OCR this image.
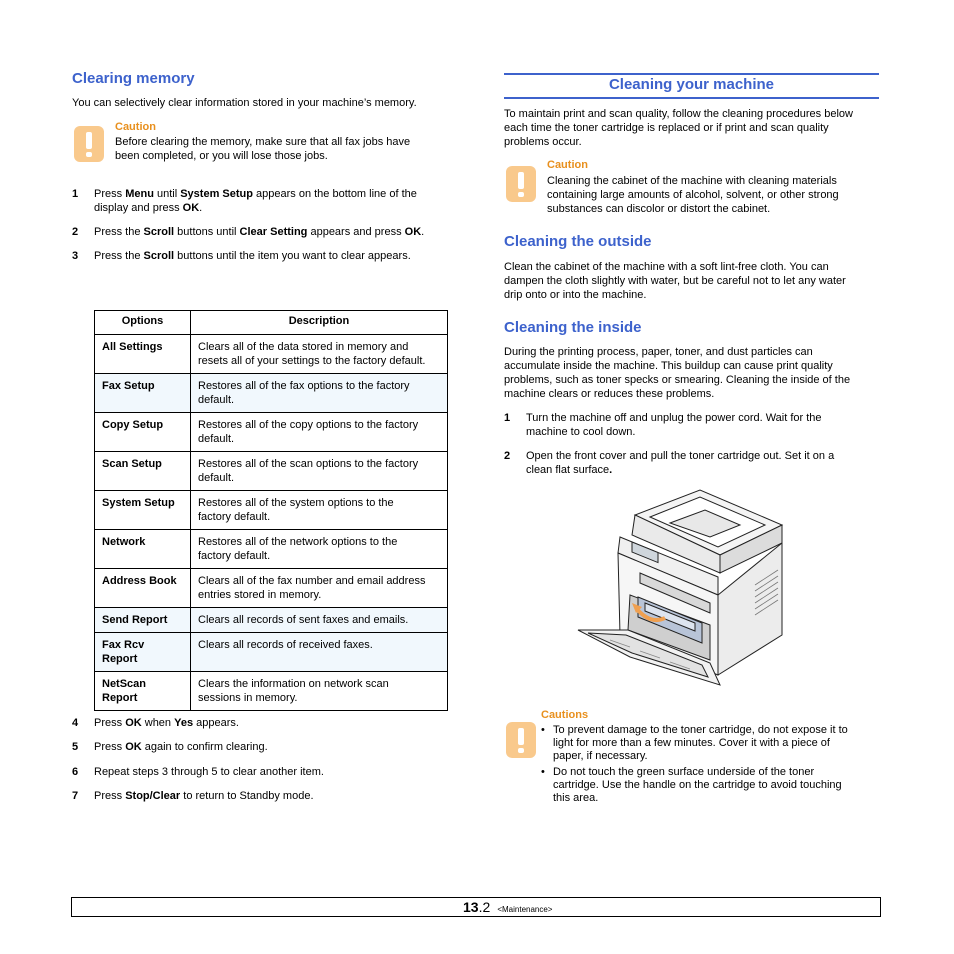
Clearing memory

You can selectively clear information stored in your machine’s memory.

Caution

Before clearing the memory, make sure that all fax jobs have

been completed, or you will lose those jobs.

1 Press Menu until System Setup appears on the bottom line of the
display and press OK.
2 Press the Scroll buttons until Clear Setting appears and press OK.
3 Press the Scroll buttons until the item you want to clear appears.
Options	Description
All Settings	Clears all of the data stored in memory and
resets all of your settings to the factory default.
Fax Setup	Restores all of the fax options to the factory
default.
Copy Setup	Restores all of the copy options to the factory
default.
Scan Setup	Restores all of the scan options to the factory
default.
System Setup	Restores all of the system options to the
factory default.
Network	Restores all of the network options to the
factory default.
Address Book	Clears all of the fax number and email address
entries stored in memory.
Send Report	Clears all records of sent faxes and emails.
Fax Rcv
Report	Clears all records of received faxes.
NetScan
Report	Clears the information on network scan
sessions in memory.
4 Press OK when Yes appears.
5 Press OK again to confirm clearing.
6 Repeat steps 3 through 5 to clear another item.
7 Press Stop/Clear to return to Standby mode.
Cleaning your machine

To maintain print and scan quality, follow the cleaning procedures below

each time the toner cartridge is replaced or if print and scan quality

problems occur.

Caution

Cleaning the cabinet of the machine with cleaning materials

containing large amounts of alcohol, solvent, or other strong

substances can discolor or distort the cabinet.

Cleaning the outside

Clean the cabinet of the machine with a soft lint-free cloth. You can

dampen the cloth slightly with water, but be careful not to let any water

drip onto or into the machine.

Cleaning the inside

During the printing process, paper, toner, and dust particles can

accumulate inside the machine. This buildup can cause print quality

problems, such as toner specks or smearing. Cleaning the inside of the

machine clears or reduces these problems.

1 Turn the machine off and unplug the power cord. Wait for the
machine to cool down.
2 Open the front cover and pull the toner cartridge out. Set it on a
clean flat surface.
Cautions
• To prevent damage to the toner cartridge, do not expose it to
light for more than a few minutes. Cover it with a piece of
paper, if necessary.
• Do not touch the green surface underside of the toner
cartridge. Use the handle on the cartridge to avoid touching
this area.
13.2 <Maintenance>
